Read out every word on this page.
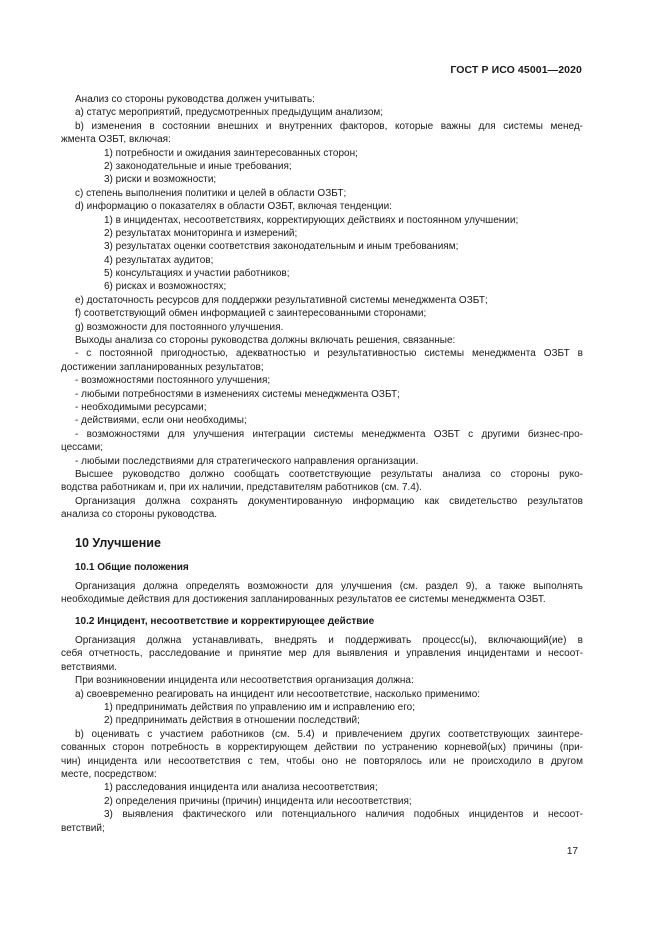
ГОСТ Р ИСО 45001—2020
Анализ со стороны руководства должен учитывать:
a) статус мероприятий, предусмотренных предыдущим анализом;
b) изменения в состоянии внешних и внутренних факторов, которые важны для системы менед-
жмента ОЗБТ, включая:
1) потребности и ожидания заинтересованных сторон;
2) законодательные и иные требования;
3) риски и возможности;
c) степень выполнения политики и целей в области ОЗБТ;
d) информацию о показателях в области ОЗБТ, включая тенденции:
1) в инцидентах, несоответствиях, корректирующих действиях и постоянном улучшении;
2) результатах мониторинга и измерений;
3) результатах оценки соответствия законодательным и иным требованиям;
4) результатах аудитов;
5) консультациях и участии работников;
6) рисках и возможностях;
e) достаточность ресурсов для поддержки результативной системы менеджмента ОЗБТ;
f) соответствующий обмен информацией с заинтересованными сторонами;
g) возможности для постоянного улучшения.
Выходы анализа со стороны руководства должны включать решения, связанные:
- с постоянной пригодностью, адекватностью и результативностью системы менеджмента ОЗБТ в
достижении запланированных результатов;
- возможностями постоянного улучшения;
- любыми потребностями в изменениях системы менеджмента ОЗБТ;
- необходимыми ресурсами;
- действиями, если они необходимы;
- возможностями для улучшения интеграции системы менеджмента ОЗБТ с другими бизнес-про-
цессами;
- любыми последствиями для стратегического направления организации.
Высшее руководство должно сообщать соответствующие результаты анализа со стороны руко-
водства работникам и, при их наличии, представителям работников (см. 7.4).
Организация должна сохранять документированную информацию как свидетельство результатов
анализа со стороны руководства.
10 Улучшение
10.1 Общие положения
Организация должна определять возможности для улучшения (см. раздел 9), а также выполнять
необходимые действия для достижения запланированных результатов ее системы менеджмента ОЗБТ.
10.2 Инцидент, несоответствие и корректирующее действие
Организация должна устанавливать, внедрять и поддерживать процесс(ы), включающий(ие) в
себя отчетность, расследование и принятие мер для выявления и управления инцидентами и несоот-
ветствиями.
При возникновении инцидента или несоответствия организация должна:
a) своевременно реагировать на инцидент или несоответствие, насколько применимо:
1) предпринимать действия по управлению им и исправлению его;
2) предпринимать действия в отношении последствий;
b) оценивать с участием работников (см. 5.4) и привлечением других соответствующих заинтере-
сованных сторон потребность в корректирующем действии по устранению корневой(ых) причины (при-
чин) инцидента или несоответствия с тем, чтобы оно не повторялось или не происходило в другом
месте, посредством:
1) расследования инцидента или анализа несоответствия;
2) определения причины (причин) инцидента или несоответствия;
3) выявления фактического или потенциального наличия подобных инцидентов и несоот-
ветствий;
17
